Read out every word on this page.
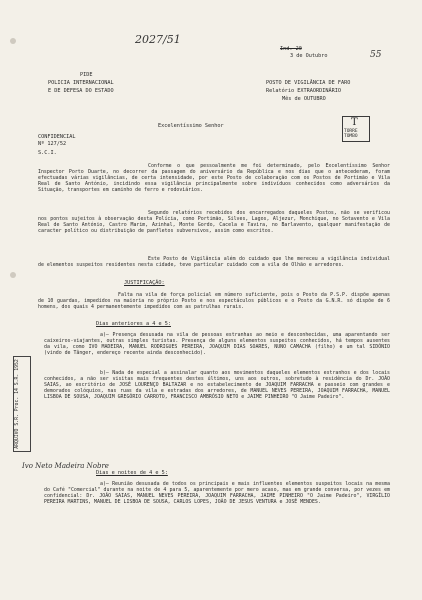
2027/51
55
Ind. 20
3 de Outubro
PIDE
POLICIA INTERNACIONAL
E DE DEFESA DO ESTADO
POSTO DE VIGILÂNCIA DE FARO
Relatório EXTRAORDINÁRIO
Mês de OUTUBRO
Excelentíssimo Senhor	T
TORRE
TOMBO
CONFIDENCIAL
Nº 127/52
S.C.I.
Conforme o que pessoalmente me foi determinado, pelo Excelentíssimo Senhor Inspector Porto Duarte, no decorrer da passagem do aniversário da República e nos dias que o antecederam, foram efectuadas várias vigilâncias, de certa intensidade, por este Posto de colaboração com os Postos de Portimão e Vila Real de Santo António, incidindo essa vigilância principalmente sobre indivíduos conhecidos como adversários da Situação, transportes em caminho de ferro e rodoviários.
Segundo relatórios recebidos dos encarregados daqueles Postos, não se verificou nos pontos sujeitos à observação desta Polícia, como Portimão, Silves, Lagos, Aljezur, Monchique, no Sotavento e Vila Real de Santo António, Castro Marim, Azinhal, Monte Gordo, Cacela e Tavira, no Barlavento, qualquer manifestação de caracter político ou distribuição de panfletos subversivos, assim como escritos.
Este Posto de Vigilância além do cuidado que lhe mereceu a vigilância individual de elementos suspeitos residentes nesta cidade, teve particular cuidado com a vila de Olhão e arredores.
JUSTIFICAÇÃO:
Falta na vila de força policial em número suficiente, pois o Posto da P.S.P. dispõe apenas de 10 guardas, impedidos na maioria no próprio Posto e nos espectáculos públicos e o Posto da G.N.R. só dispõe de 6 homens, dos quais 4 permanentemente impedidos com as patrulhas rurais.
Dias anteriores a 4 e 5:
a)— Presença desusada na vila de pessoas estranhas ao meio e desconhecidas, uma aparentando ser caixeiros-viajantes, outras simples turistas. Presença de alguns elementos suspeitos conhecidos, há tempos ausentes da vila, como IVO MADEIRA, MANUEL RODRIGUES PEREIRA, JOAQUIM DIAS SOARES, NUNO CAMACHA (filho) e um tal SIDÓNIO (vindo de Tânger, endereço recente ainda desconhecido).
b)— Nada de especial a assinalar quanto aos movimentos daqueles elementos estranhos e dos locais conhecidos, a não ser visitas mais frequentes destes últimos, uns aos outros, sobretudo à residência do Dr. JOÃO SAIAS, ao escritório de JOSÉ LOURENÇO BALTAZAR e no estabelecimento de JOAQUIM FARRACHA e passeio com grandes e demorados colóquios, nas ruas da vila e estradas dos arredores, de MANUEL NEVES PEREIRA, JOAQUIM FARRACHA, MANUEL LISBOA DE SOUSA, JOAQUIM GREGÓRIO CARROTO, FRANCISCO AMBRÓSIO NETO e JAIME PINHEIRO "O Jaime Padeiro".
Dias e noites de 4 e 5:
a)— Reunião desusada de todos os principais e mais influentes elementos suspeitos locais na mesma do Café "Comercial" durante na noite de 4 para 5, aparentemente por mero acaso, mas em grande conversa, por vezes em confidencial: Dr. JOÃO SAIAS, MANUEL NEVES PEREIRA, JOAQUIM FARRACHA, JAIME PINHEIRO "O Jaime Padeiro", VIRGÍLIO PEREIRA MARTINS, MANUEL DE LISBOA DE SOUSA, CARLOS LOPES, JOÃO DE JESUS VENTURA e JOSÉ MENDES.
Ivo Neto Madeira Nobre
ARQUIVO S.R. Proc. 14 S.R. 1952
